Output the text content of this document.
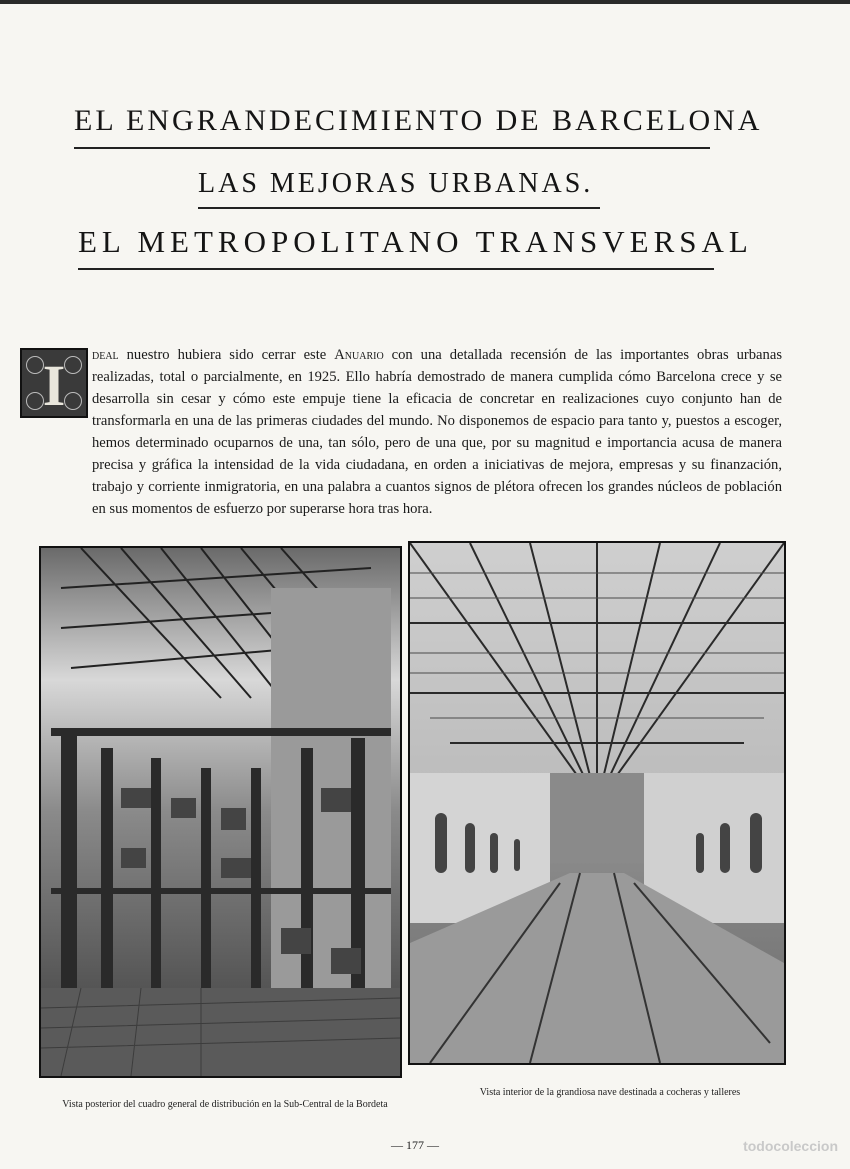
EL ENGRANDECIMIENTO DE BARCELONA
LAS MEJORAS URBANAS.
EL METROPOLITANO TRANSVERSAL
I	deal nuestro hubiera sido cerrar este Anuario con una detallada recensión de las importantes obras urbanas realizadas, total o parcialmente, en 1925. Ello habría demostrado de manera cumplida cómo Barcelona crece y se desarrolla sin cesar y cómo este empuje tiene la eficacia de concretar en realizaciones cuyo conjunto han de transformarla en una de las primeras ciudades del mundo. No disponemos de espacio para tanto y, puestos a escoger, hemos determinado ocuparnos de una, tan sólo, pero de una que, por su magnitud e importancia acusa de manera precisa y gráfica la intensidad de la vida ciudadana, en orden a iniciativas de mejora, empresas y su finanzación, trabajo y corriente inmigratoria, en una palabra a cuantos signos de plétora ofrecen los grandes núcleos de población en sus momentos de esfuerzo por superarse hora tras hora.

Vista posterior del cuadro general de distribución en la Sub-Central de la Bordeta
Vista interior de la grandiosa nave destinada a cocheras y talleres
— 177 —	todocoleccion
